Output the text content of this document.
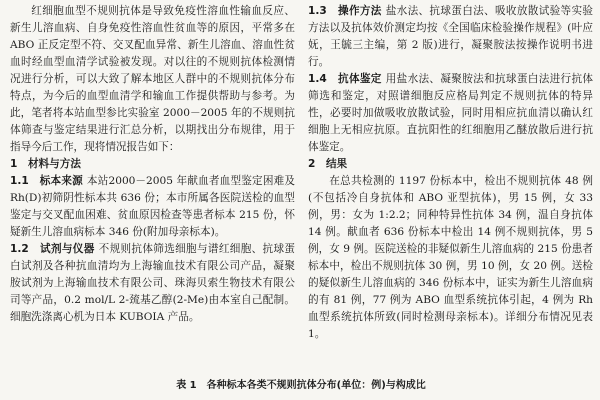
红细胞血型不规则抗体是导致免疫性溶血性输血反应、新生儿溶血病、自身免疫性溶血性贫血等的原因，平常多在 ABO 正反定型不符、交叉配血异常、新生儿溶血、溶血性贫血时经血型血清学试验被发现。对以往的不规则抗体检测情况进行分析，可以大致了解本地区人群中的不规则抗体分布特点，为今后的血型血清学和输血工作提供帮助与参考。为此，笔者将本站血型参比实验室 2000－2005 年的不规则抗体筛查与鉴定结果进行汇总分析，以期找出分布规律，用于指导今后工作，现将情况报告如下：

1　材料与方法

1.1　标本来源 本站2000－2005 年献血者血型鉴定困难及 Rh(D)初筛阴性标本共 636 份；本市所属各医院送检的血型鉴定与交叉配血困难、贫血原因检查等患者标本 215 份，怀疑新生儿溶血病标本 346 份(附加母亲标本)。

1.2　试剂与仪器 不规则抗体筛选细胞与谱红细胞、抗球蛋白试剂及各种抗血清均为上海输血技术有限公司产品，凝聚胺试剂为上海输血技术有限公司、珠海贝索生物技术有限公司等产品，0.2 mol/L 2-巯基乙醇(2-Me)由本室自己配制。细胞洗涤离心机为日本 KUBOIA 产品。

1.3　操作方法 盐水法、抗球蛋白法、吸收放散试验等实验方法以及抗体效价测定均按《全国临床检验操作规程》(叶应妩，王毓三主编，第 2 版)进行，凝聚胺法按操作说明书进行。

1.4　抗体鉴定 用盐水法、凝聚胺法和抗球蛋白法进行抗体筛选和鉴定，对照谱细胞反应格局判定不规则抗体的特异性，必要时加做吸收放散试验，同时用相应抗血清以确认红细胞上无相应抗原。直抗阳性的红细胞用乙醚放散后进行抗体鉴定。

2　结果

在总共检测的 1197 份标本中，检出不规则抗体 48 例(不包括冷自身抗体和 ABO 亚型抗体)，男 15 例，女 33 例，男：女为 1:2.2；同种特异性抗体 34 例，温自身抗体 14 例。献血者 636 份标本中检出 14 例不规则抗体，男 5 例，女 9 例。医院送检的非疑似新生儿溶血病的 215 份患者标本中，检出不规则抗体 30 例，男 10 例，女 20 例。送检的疑似新生儿溶血病的 346 份标本中，证实为新生儿溶血病的有 81 例，77 例为 ABO 血型系统抗体引起，4 例为 Rh 血型系统抗体所致(同时检测母亲标本)。详细分布情况见表 1。

表 1　各种标本各类不规则抗体分布(单位：例)与构成比
